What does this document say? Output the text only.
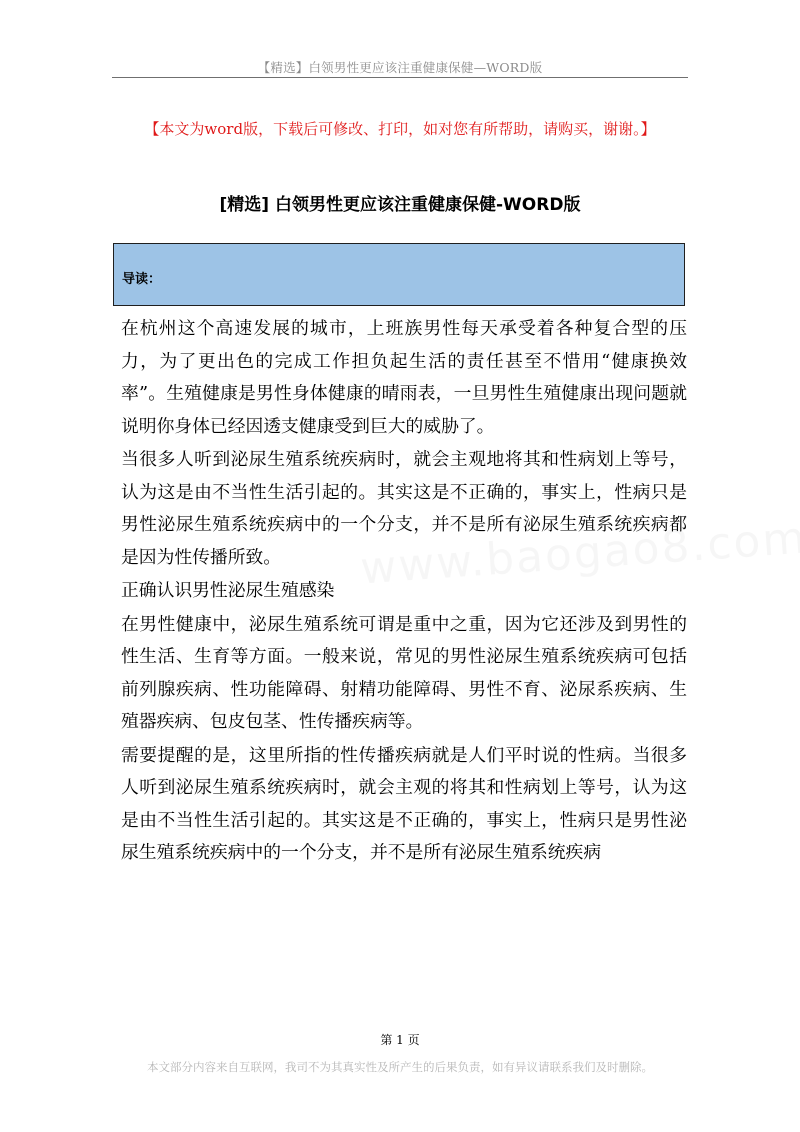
【精选】白领男性更应该注重健康保健—WORD版
【本文为word版，下载后可修改、打印，如对您有所帮助，请购买，谢谢。】
[精选] 白领男性更应该注重健康保健-WORD版
导读：

在杭州这个高速发展的城市，上班族男性每天承受着各种复合型的压力，为了更出色的完成工作担负起生活的责任甚至不惜用“健康换效率”。生殖健康是男性身体健康的晴雨表，一旦男性生殖健康出现问题就说明你身体已经因透支健康受到巨大的威胁了。

当很多人听到泌尿生殖系统疾病时，就会主观地将其和性病划上等号，认为这是由不当性生活引起的。其实这是不正确的，事实上，性病只是男性泌尿生殖系统疾病中的一个分支，并不是所有泌尿生殖系统疾病都是因为性传播所致。

正确认识男性泌尿生殖感染

在男性健康中，泌尿生殖系统可谓是重中之重，因为它还涉及到男性的性生活、生育等方面。一般来说，常见的男性泌尿生殖系统疾病可包括前列腺疾病、性功能障碍、射精功能障碍、男性不育、泌尿系疾病、生殖器疾病、包皮包茎、性传播疾病等。

需要提醒的是，这里所指的性传播疾病就是人们平时说的性病。当很多人听到泌尿生殖系统疾病时，就会主观的将其和性病划上等号，认为这是由不当性生活引起的。其实这是不正确的，事实上，性病只是男性泌尿生殖系统疾病中的一个分支，并不是所有泌尿生殖系统疾病

第 1 页
本文部分内容来自互联网，我司不为其真实性及所产生的后果负责，如有异议请联系我们及时删除。
